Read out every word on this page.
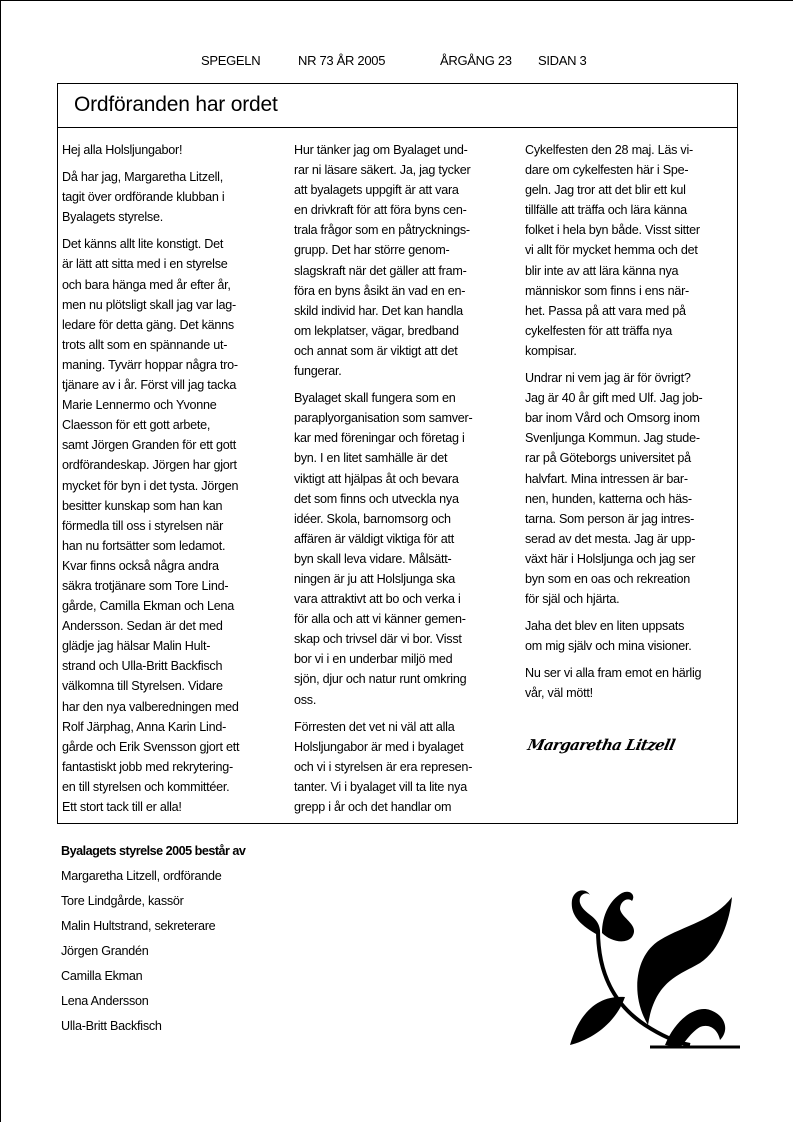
SPEGELN	NR 73 ÅR 2005	ÅRGÅNG 23 SIDAN 3
Ordföranden har ordet

Hej alla Holsljungabor!

Då har jag, Margaretha Litzell,
tagit över ordförande klubban i
Byalagets styrelse.

Det känns allt lite konstigt. Det
är lätt att sitta med i en styrelse
och bara hänga med år efter år,
men nu plötsligt skall jag var lag-
ledare för detta gäng. Det känns
trots allt som en spännande ut-
maning. Tyvärr hoppar några tro-
tjänare av i år. Först vill jag tacka
Marie Lennermo och Yvonne
Claesson för ett gott arbete,
samt Jörgen Granden för ett gott
ordförandeskap. Jörgen har gjort
mycket för byn i det tysta. Jörgen
besitter kunskap som han kan
förmedla till oss i styrelsen när
han nu fortsätter som ledamot.
Kvar finns också några andra
säkra trotjänare som Tore Lind-
gårde, Camilla Ekman och Lena
Andersson. Sedan är det med
glädje jag hälsar Malin Hult-
strand och Ulla-Britt Backfisch
välkomna till Styrelsen. Vidare
har den nya valberedningen med
Rolf Järphag, Anna Karin Lind-
gårde och Erik Svensson gjort ett
fantastiskt jobb med rekrytering-
en till styrelsen och kommittéer.
Ett stort tack till er alla!

Hur tänker jag om Byalaget und-
rar ni läsare säkert. Ja, jag tycker
att byalagets uppgift är att vara
en drivkraft för att föra byns cen-
trala frågor som en påtrycknings-
grupp. Det har större genom-
slagskraft när det gäller att fram-
föra en byns åsikt än vad en en-
skild individ har. Det kan handla
om lekplatser, vägar, bredband
och annat som är viktigt att det
fungerar.

Byalaget skall fungera som en
paraplyorganisation som samver-
kar med föreningar och företag i
byn. I en litet samhälle är det
viktigt att hjälpas åt och bevara
det som finns och utveckla nya
idéer. Skola, barnomsorg och
affären är väldigt viktiga för att
byn skall leva vidare. Målsätt-
ningen är ju att Holsljunga ska
vara attraktivt att bo och verka i
för alla och att vi känner gemen-
skap och trivsel där vi bor. Visst
bor vi i en underbar miljö med
sjön, djur och natur runt omkring
oss.

Förresten det vet ni väl att alla
Holsljungabor är med i byalaget
och vi i styrelsen är era represen-
tanter. Vi i byalaget vill ta lite nya
grepp i år och det handlar om

Cykelfesten den 28 maj. Läs vi-
dare om cykelfesten här i Spe-
geln. Jag tror att det blir ett kul
tillfälle att träffa och lära känna
folket i hela byn både. Visst sitter
vi allt för mycket hemma och det
blir inte av att lära känna nya
människor som finns i ens när-
het. Passa på att vara med på
cykelfesten för att träffa nya
kompisar.

Undrar ni vem jag är för övrigt?
Jag är 40 år gift med Ulf. Jag job-
bar inom Vård och Omsorg inom
Svenljunga Kommun. Jag stude-
rar på Göteborgs universitet på
halvfart. Mina intressen är bar-
nen, hunden, katterna och häs-
tarna. Som person är jag intres-
serad av det mesta. Jag är upp-
växt här i Holsljunga och jag ser
byn som en oas och rekreation
för själ och hjärta.

Jaha det blev en liten uppsats
om mig själv och mina visioner.

Nu ser vi alla fram emot en härlig
vår, väl mött!

Margaretha Litzell
Byalagets styrelse 2005 består av
Margaretha Litzell, ordförande
Tore Lindgårde, kassör
Malin Hultstrand, sekreterare
Jörgen Grandén
Camilla Ekman
Lena Andersson
Ulla-Britt Backfisch
